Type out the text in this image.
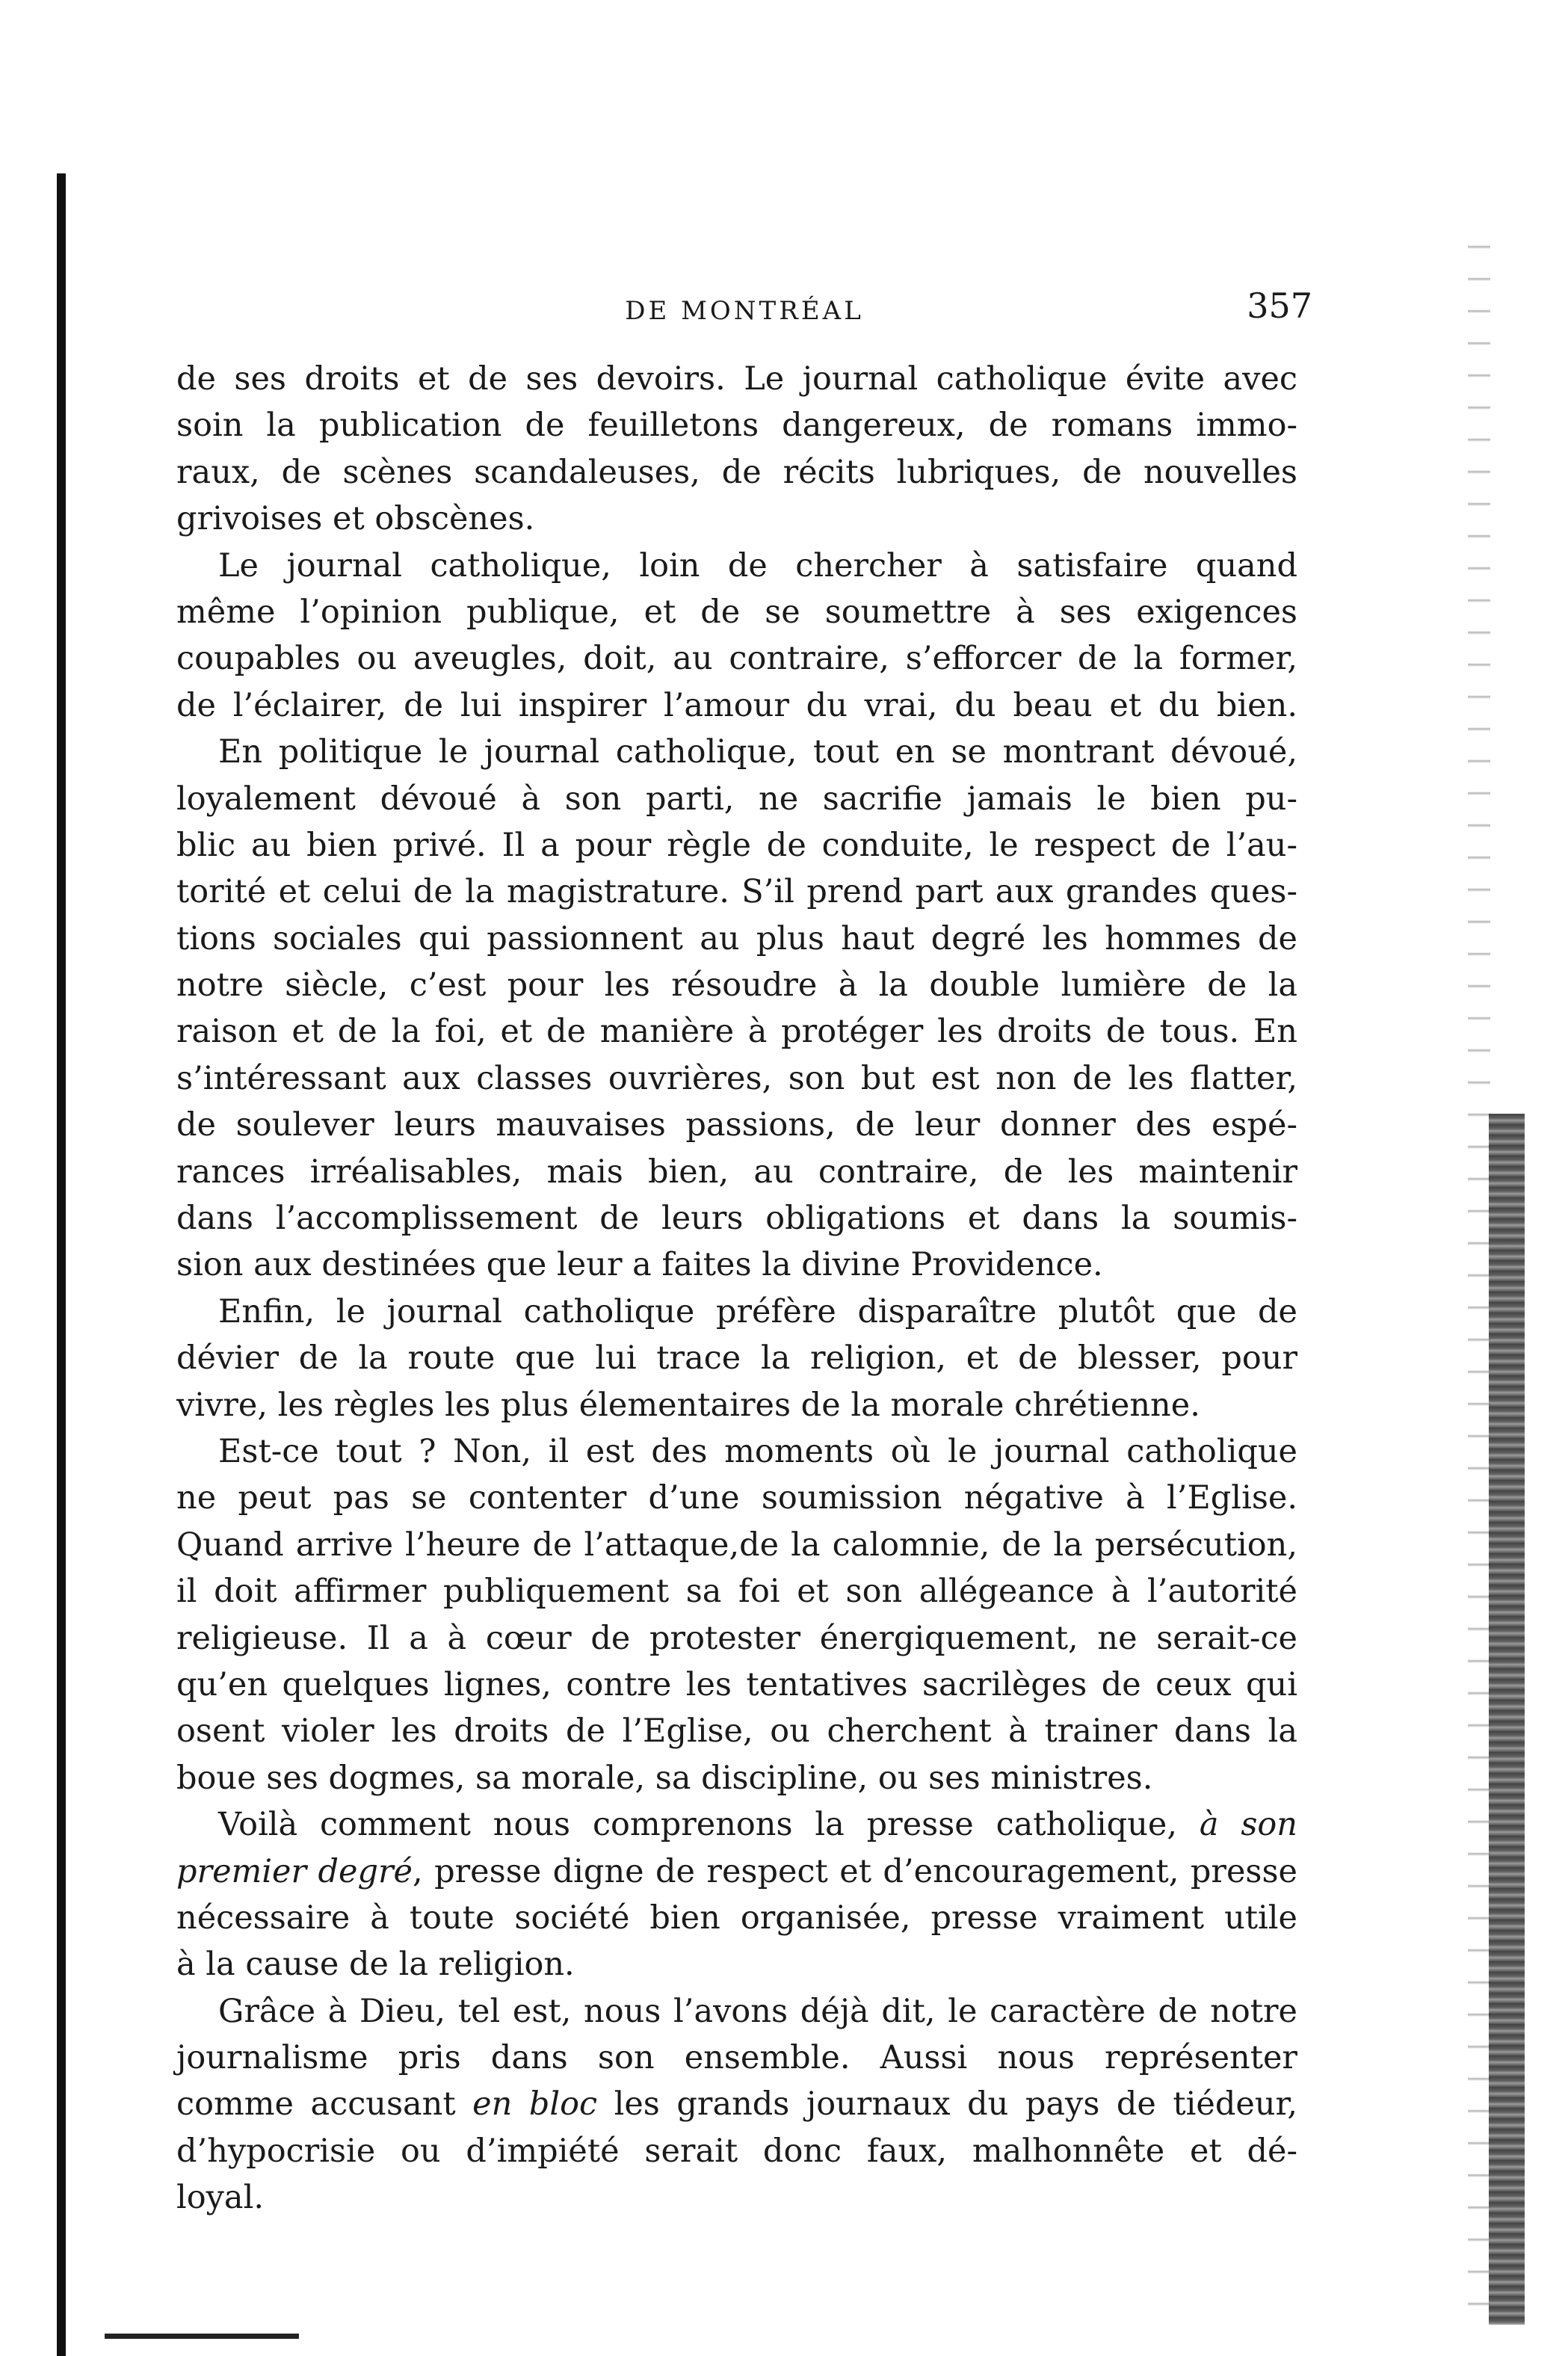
DE MONTRÉAL	357
de ses droits et de ses devoirs. Le journal catholique évite avec
soin la publication de feuilletons dangereux, de romans immo-
raux, de scènes scandaleuses, de récits lubriques, de nouvelles
grivoises et obscènes.
Le journal catholique, loin de chercher à satisfaire quand
même l’opinion publique, et de se soumettre à ses exigences
coupables ou aveugles, doit, au contraire, s’efforcer de la former,
de l’éclairer, de lui inspirer l’amour du vrai, du beau et du bien.
En politique le journal catholique, tout en se montrant dévoué,
loyalement dévoué à son parti, ne sacrifie jamais le bien pu-
blic au bien privé. Il a pour règle de conduite, le respect de l’au-
torité et celui de la magistrature. S’il prend part aux grandes ques-
tions sociales qui passionnent au plus haut degré les hommes de
notre siècle, c’est pour les résoudre à la double lumière de la
raison et de la foi, et de manière à protéger les droits de tous. En
s’intéressant aux classes ouvrières, son but est non de les flatter,
de soulever leurs mauvaises passions, de leur donner des espé-
rances irréalisables, mais bien, au contraire, de les maintenir
dans l’accomplissement de leurs obligations et dans la soumis-
sion aux destinées que leur a faites la divine Providence.
Enfin, le journal catholique préfère disparaître plutôt que de
dévier de la route que lui trace la religion, et de blesser, pour
vivre, les règles les plus élementaires de la morale chrétienne.
Est-ce tout ? Non, il est des moments où le journal catholique
ne peut pas se contenter d’une soumission négative à l’Eglise.
Quand arrive l’heure de l’attaque,de la calomnie, de la persécution,
il doit affirmer publiquement sa foi et son allégeance à l’autorité
religieuse. Il a à cœur de protester énergiquement, ne serait-ce
qu’en quelques lignes, contre les tentatives sacrilèges de ceux qui
osent violer les droits de l’Eglise, ou cherchent à trainer dans la
boue ses dogmes, sa morale, sa discipline, ou ses ministres.
Voilà comment nous comprenons la presse catholique, à son
premier degré, presse digne de respect et d’encouragement, presse
nécessaire à toute société bien organisée, presse vraiment utile
à la cause de la religion.
Grâce à Dieu, tel est, nous l’avons déjà dit, le caractère de notre
journalisme pris dans son ensemble. Aussi nous représenter
comme accusant en bloc les grands journaux du pays de tiédeur,
d’hypocrisie ou d’impiété serait donc faux, malhonnête et dé-
loyal.
